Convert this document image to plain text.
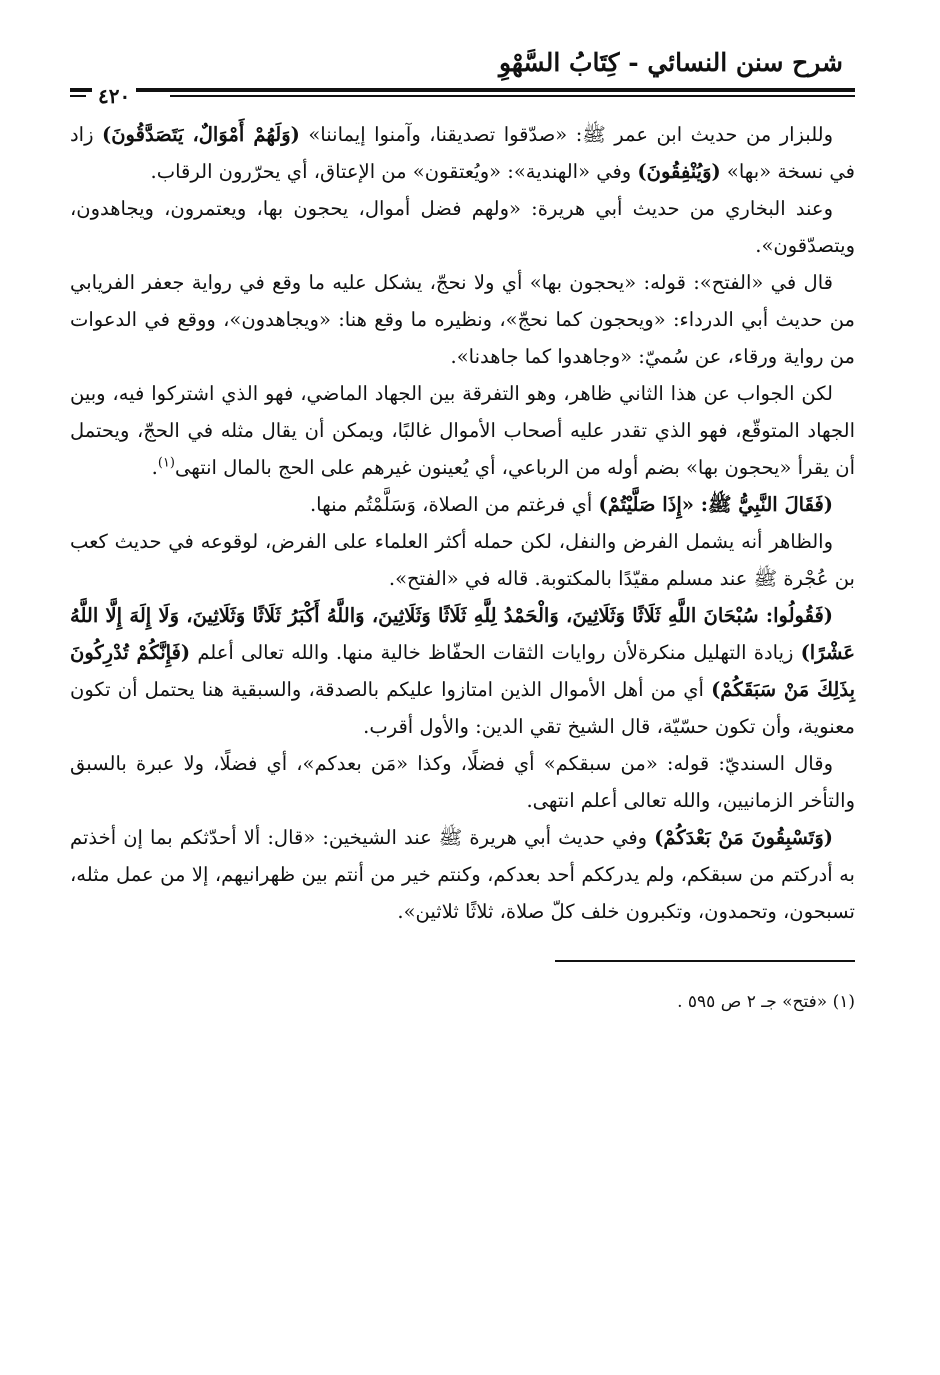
شرح سنن النسائي - كِتَابُ السَّهْوِ
٤٢٠

وللبزار من حديث ابن عمر ﷺ: «صدّقوا تصديقنا، وآمنوا إيماننا» (وَلَهُمْ أَمْوَالٌ، يَتَصَدَّقُونَ) زاد في نسخة «بها» (وَيُنْفِقُونَ) وفي «الهندية»: «ويُعتقون» من الإعتاق، أي يحرّرون الرقاب.

وعند البخاري من حديث أبي هريرة: «ولهم فضل أموال، يحجون بها، ويعتمرون، ويجاهدون، ويتصدّقون».

قال في «الفتح»: قوله: «يحجون بها» أي ولا نحجّ، يشكل عليه ما وقع في رواية جعفر الفريابي من حديث أبي الدرداء: «ويحجون كما نحجّ»، ونظيره ما وقع هنا: «ويجاهدون»، ووقع في الدعوات من رواية ورقاء، عن سُميّ: «وجاهدوا كما جاهدنا».

لكن الجواب عن هذا الثاني ظاهر، وهو التفرقة بين الجهاد الماضي، فهو الذي اشتركوا فيه، وبين الجهاد المتوقّع، فهو الذي تقدر عليه أصحاب الأموال غالبًا، ويمكن أن يقال مثله في الحجّ، ويحتمل أن يقرأ «يحجون بها» بضم أوله من الرباعي، أي يُعينون غيرهم على الحج بالمال انتهى$^{(١)}$.

(فَقَالَ النَّبِيُّ ﷺ: «إِذَا صَلَّيْتُمْ) أي فرغتم من الصلاة، وَسَلَّمْتُم منها.

والظاهر أنه يشمل الفرض والنفل، لكن حمله أكثر العلماء على الفرض، لوقوعه في حديث كعب بن عُجْرة ﷺ عند مسلم مقيّدًا بالمكتوبة. قاله في «الفتح».

(فَقُولُوا: سُبْحَانَ اللَّهِ ثَلَاثًا وَثَلَاثِينَ، وَالْحَمْدُ لِلَّهِ ثَلَاثًا وَثَلَاثِينَ، وَاللَّهُ أَكْبَرُ ثَلَاثًا وَثَلَاثِينَ، وَلَا إِلَهَ إِلَّا اللَّهُ عَشْرًا) زيادة التهليل منكرةلأن روايات الثقات الحفّاظ خالية منها. والله تعالى أعلم (فَإِنَّكُمْ تُدْرِكُونَ بِذَلِكَ مَنْ سَبَقَكُمْ) أي من أهل الأموال الذين امتازوا عليكم بالصدقة، والسبقية هنا يحتمل أن تكون معنوية، وأن تكون حسّيّة، قال الشيخ تقي الدين: والأول أقرب.

وقال السنديّ: قوله: «من سبقكم» أي فضلًا، وكذا «مَن بعدكم»، أي فضلًا، ولا عبرة بالسبق والتأخر الزمانيين، والله تعالى أعلم انتهى.

(وَتَسْبِقُونَ مَنْ بَعْدَكُمْ) وفي حديث أبي هريرة ﷺ عند الشيخين: «قال: ألا أحدّثكم بما إن أخذتم به أدركتم من سبقكم، ولم يدرككم أحد بعدكم، وكنتم خير من أنتم بين ظهرانيهم، إلا من عمل مثله، تسبحون، وتحمدون، وتكبرون خلف كلّ صلاة، ثلاثًا ثلاثين».

(١) «فتح» جـ ٢ ص ٥٩٥ .
